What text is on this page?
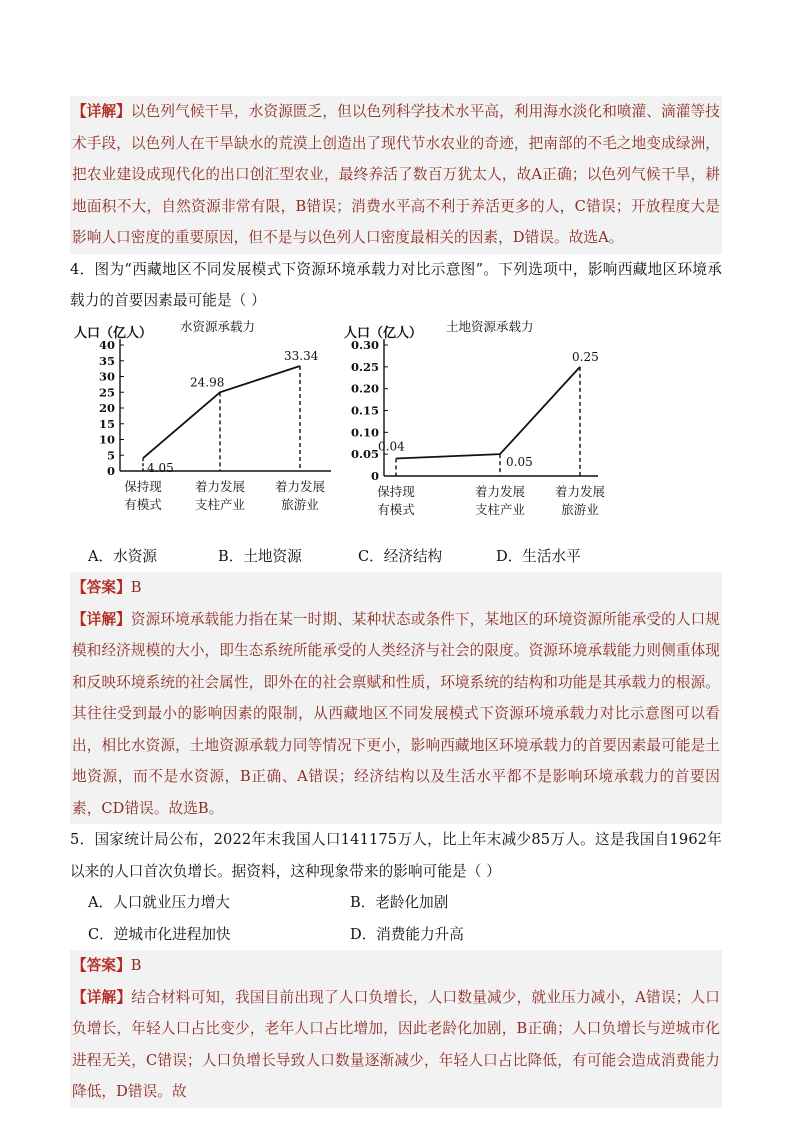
【详解】以色列气候干旱，水资源匮乏，但以色列科学技术水平高，利用海水淡化和喷灌、滴灌等技术手段，以色列人在干旱缺水的荒漠上创造出了现代节水农业的奇迹，把南部的不毛之地变成绿洲，把农业建设成现代化的出口创汇型农业，最终养活了数百万犹太人，故A正确；以色列气候干旱，耕地面积不大，自然资源非常有限，B错误；消费水平高不利于养活更多的人，C错误；开放程度大是影响人口密度的重要原因，但不是与以色列人口密度最相关的因素，D错误。故选A。
4．图为“西藏地区不同发展模式下资源环境承载力对比示意图”。下列选项中，影响西藏地区环境承载力的首要因素最可能是（ ）
人口（亿人） 水资源承载力
0
5
10
15
20
25
30
35
40
4.05
24.98
33.34
保持现
有模式
着力发展
支柱产业
着力发展
旅游业
人口（亿人） 土地资源承载力
0
0.05
0.10
0.15
0.20
0.25
0.30
0.04
0.05
0.25
保持现
有模式
着力发展
支柱产业
着力发展
旅游业
A．水资源	B．土地资源	C．经济结构	D．生活水平
【答案】B
【详解】资源环境承载能力指在某一时期、某种状态或条件下，某地区的环境资源所能承受的人口规模和经济规模的大小，即生态系统所能承受的人类经济与社会的限度。资源环境承载能力则侧重体现和反映环境系统的社会属性，即外在的社会禀赋和性质，环境系统的结构和功能是其承载力的根源。其往往受到最小的影响因素的限制，从西藏地区不同发展模式下资源环境承载力对比示意图可以看出，相比水资源，土地资源承载力同等情况下更小，影响西藏地区环境承载力的首要因素最可能是土地资源，而不是水资源，B正确、A错误；经济结构以及生活水平都不是影响环境承载力的首要因素，CD错误。故选B。
5．国家统计局公布，2022年末我国人口141175万人，比上年末减少85万人。这是我国自1962年以来的人口首次负增长。据资料，这种现象带来的影响可能是（ ）
A．人口就业压力增大	B．老龄化加剧
C．逆城市化进程加快	D．消费能力升高
【答案】B
【详解】结合材料可知，我国目前出现了人口负增长，人口数量减少，就业压力减小，A错误；人口负增长，年轻人口占比变少，老年人口占比增加，因此老龄化加剧，B正确；人口负增长与逆城市化进程无关，C错误；人口负增长导致人口数量逐渐减少，年轻人口占比降低，有可能会造成消费能力降低，D错误。故
